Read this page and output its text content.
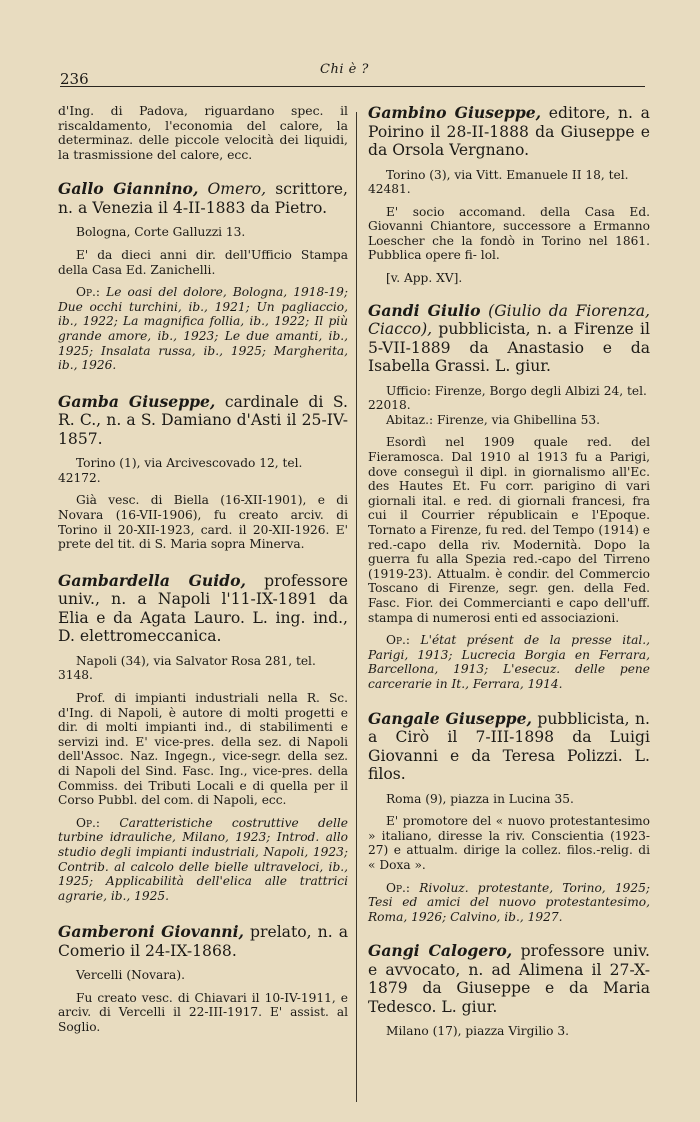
236
Chi è ?

d'Ing. di Padova, riguardano spec. il riscaldamento, l'economia del calore, la determinaz. delle piccole velocità dei liquidi, la trasmissione del calore, ecc.

Gallo Giannino, Omero, scrittore, n. a Venezia il 4-II-1883 da Pietro.

Bologna, Corte Galluzzi 13.

E' da dieci anni dir. dell'Ufficio Stampa della Casa Ed. Zanichelli.

Op.: Le oasi del dolore, Bologna, 1918-19; Due occhi turchini, ib., 1921; Un pagliaccio, ib., 1922; La magnifica follia, ib., 1922; Il più grande amore, ib., 1923; Le due amanti, ib., 1925; Insalata russa, ib., 1925; Margherita, ib., 1926.

Gamba Giuseppe, cardinale di S. R. C., n. a S. Damiano d'Asti il 25-IV-1857.

Torino (1), via Arcivescovado 12, tel. 42172.

Già vesc. di Biella (16-XII-1901), e di Novara (16-VII-1906), fu creato arciv. di Torino il 20-XII-1923, card. il 20-XII-1926. E' prete del tit. di S. Maria sopra Minerva.

Gambardella Guido, professore univ., n. a Napoli l'11-IX-1891 da Elia e da Agata Lauro. L. ing. ind., D. elettromeccanica.

Napoli (34), via Salvator Rosa 281, tel. 3148.

Prof. di impianti industriali nella R. Sc. d'Ing. di Napoli, è autore di molti progetti e dir. di molti impianti ind., di stabilimenti e servizi ind. E' vice-pres. della sez. di Napoli dell'Assoc. Naz. Ingegn., vice-segr. della sez. di Napoli del Sind. Fasc. Ing., vice-pres. della Commiss. dei Tributi Locali e di quella per il Corso Pubbl. del com. di Napoli, ecc.

Op.: Caratteristiche costruttive delle turbine idrauliche, Milano, 1923; Introd. allo studio degli impianti industriali, Napoli, 1923; Contrib. al calcolo delle bielle ultraveloci, ib., 1925; Applicabilità dell'elica alle trattrici agrarie, ib., 1925.

Gamberoni Giovanni, prelato, n. a Comerio il 24-IX-1868.

Vercelli (Novara).

Fu creato vesc. di Chiavari il 10-IV-1911, e arciv. di Vercelli il 22-III-1917. E' assist. al Soglio.

Gambino Giuseppe, editore, n. a Poirino il 28-II-1888 da Giuseppe e da Orsola Vergnano.

Torino (3), via Vitt. Emanuele II 18, tel. 42481.

E' socio accomand. della Casa Ed. Giovanni Chiantore, successore a Ermanno Loescher che la fondò in Torino nel 1861. Pubblica opere fi- lol.

[v. App. XV].

Gandi Giulio (Giulio da Fiorenza, Ciacco), pubblicista, n. a Firenze il 5-VII-1889 da Anastasio e da Isabella Grassi. L. giur.

Ufficio: Firenze, Borgo degli Albizi 24, tel. 22018.

Abitaz.: Firenze, via Ghibellina 53.

Esordì nel 1909 quale red. del Fieramosca. Dal 1910 al 1913 fu a Parigi, dove conseguì il dipl. in giornalismo all'Ec. des Hautes Et. Fu corr. parigino di vari giornali ital. e red. di giornali francesi, fra cui il Courrier républicain e l'Epoque. Tornato a Firenze, fu red. del Tempo (1914) e red.-capo della riv. Modernità. Dopo la guerra fu alla Spezia red.-capo del Tirreno (1919-23). Attualm. è condir. del Commercio Toscano di Firenze, segr. gen. della Fed. Fasc. Fior. dei Commercianti e capo dell'uff. stampa di numerosi enti ed associazioni.

Op.: L'état présent de la presse ital., Parigi, 1913; Lucrecia Borgia en Ferrara, Barcellona, 1913; L'esecuz. delle pene carcerarie in It., Ferrara, 1914.

Gangale Giuseppe, pubblicista, n. a Cirò il 7-III-1898 da Luigi Giovanni e da Teresa Polizzi. L. filos.

Roma (9), piazza in Lucina 35.

E' promotore del « nuovo protestantesimo » italiano, diresse la riv. Conscientia (1923-27) e attualm. dirige la collez. filos.-relig. di « Doxa ».

Op.: Rivoluz. protestante, Torino, 1925; Tesi ed amici del nuovo protestantesimo, Roma, 1926; Calvino, ib., 1927.

Gangi Calogero, professore univ. e avvocato, n. ad Alimena il 27-X-1879 da Giuseppe e da Maria Tedesco. L. giur.

Milano (17), piazza Virgilio 3.
